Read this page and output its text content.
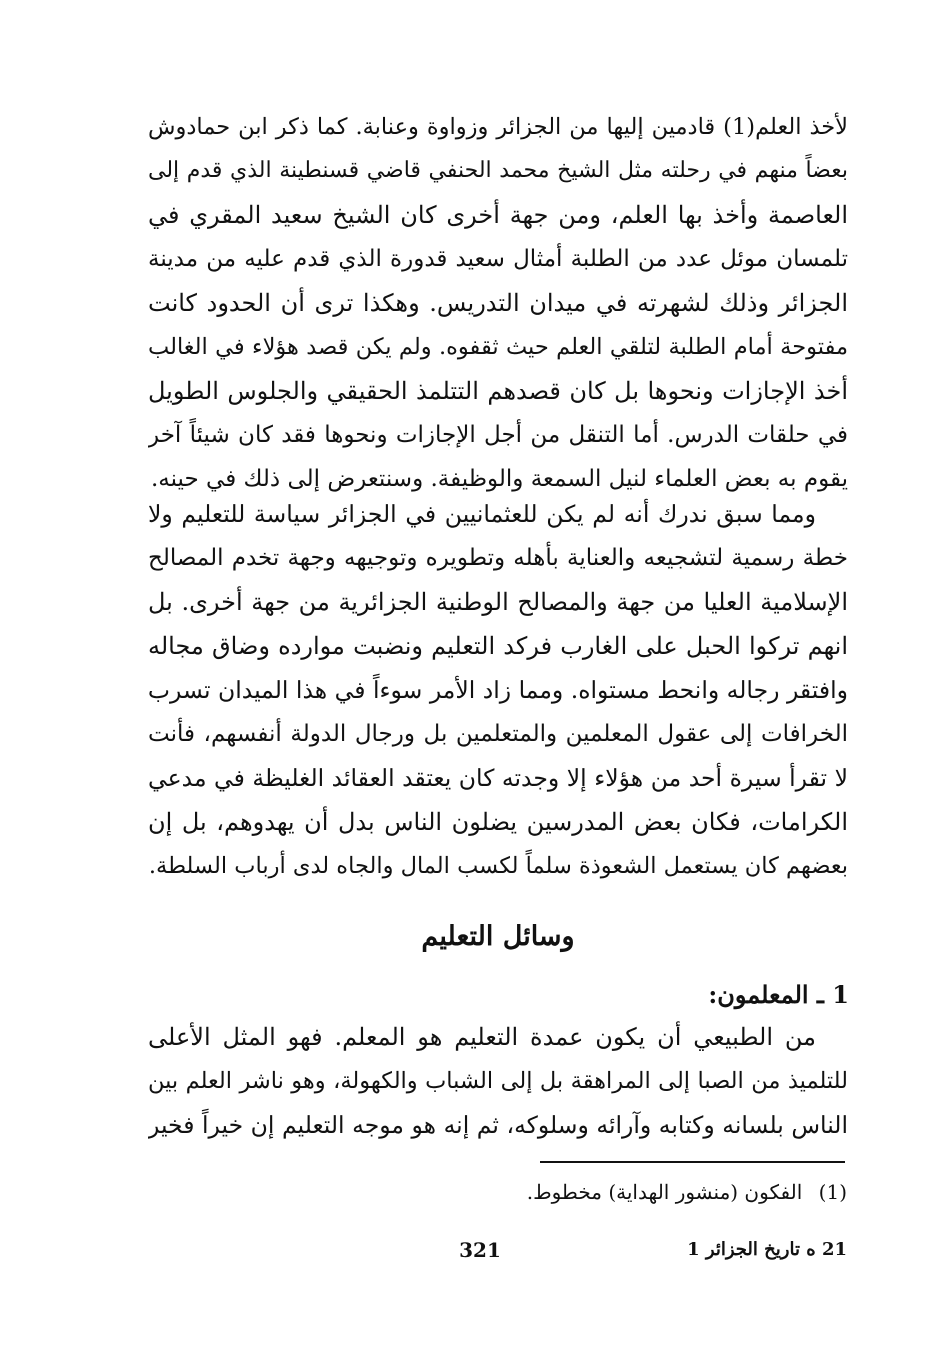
لأخذ العلم(1) قادمين إليها من الجزائر وزواوة وعنابة. كما ذكر ابن حمادوش
بعضاً منهم في رحلته مثل الشيخ محمد الحنفي قاضي قسنطينة الذي قدم إلى
العاصمة وأخذ بها العلم، ومن جهة أخرى كان الشيخ سعيد المقري في
تلمسان موئل عدد من الطلبة أمثال سعيد قدورة الذي قدم عليه من مدينة
الجزائر وذلك لشهرته في ميدان التدريس. وهكذا ترى أن الحدود كانت
مفتوحة أمام الطلبة لتلقي العلم حيث ثقفوه. ولم يكن قصد هؤلاء في الغالب
أخذ الإجازات ونحوها بل كان قصدهم التتلمذ الحقيقي والجلوس الطويل
في حلقات الدرس. أما التنقل من أجل الإجازات ونحوها فقد كان شيئاً آخر
يقوم به بعض العلماء لنيل السمعة والوظيفة. وسنتعرض إلى ذلك في حينه.
ومما سبق ندرك أنه لم يكن للعثمانيين في الجزائر سياسة للتعليم ولا
خطة رسمية لتشجيعه والعناية بأهله وتطويره وتوجيهه وجهة تخدم المصالح
الإسلامية العليا من جهة والمصالح الوطنية الجزائرية من جهة أخرى. بل
انهم تركوا الحبل على الغارب فركد التعليم ونضبت موارده وضاق مجاله
وافتقر رجاله وانحط مستواه. ومما زاد الأمر سوءاً في هذا الميدان تسرب
الخرافات إلى عقول المعلمين والمتعلمين بل ورجال الدولة أنفسهم، فأنت
لا تقرأ سيرة أحد من هؤلاء إلا وجدته كان يعتقد العقائد الغليظة في مدعي
الكرامات، فكان بعض المدرسين يضلون الناس بدل أن يهدوهم، بل إن
بعضهم كان يستعمل الشعوذة سلماً لكسب المال والجاه لدى أرباب السلطة.
وسائل التعليم
1 ـ المعلمون:
من الطبيعي أن يكون عمدة التعليم هو المعلم. فهو المثل الأعلى
للتلميذ من الصبا إلى المراهقة بل إلى الشباب والكهولة، وهو ناشر العلم بين
الناس بلسانه وكتابه وآرائه وسلوكه، ثم إنه هو موجه التعليم إن خيراً فخير
(1) الفكون (منشور الهداية) مخطوط.
321	21 ه تاريخ الجزائر 1
